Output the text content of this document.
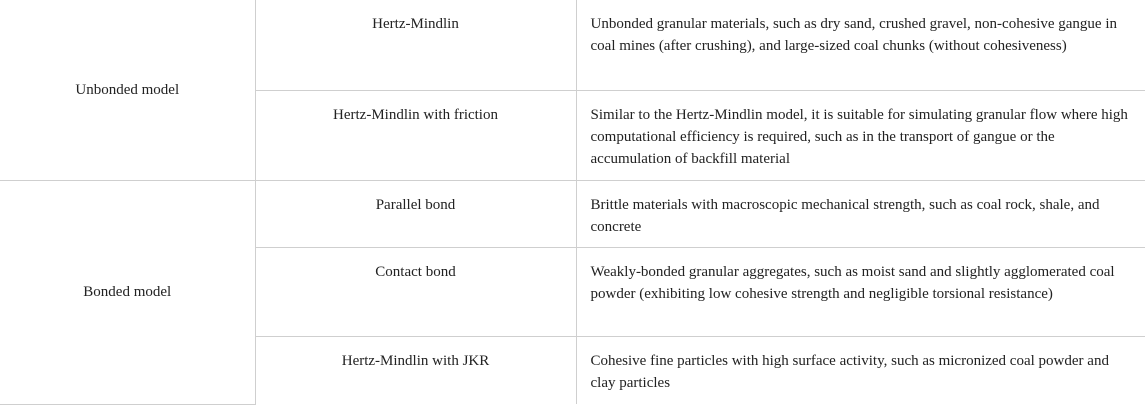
Unbonded model	Hertz-Mindlin	Unbonded granular materials, such as dry sand, crushed gravel, non-cohesive gangue in coal mines (after crushing), and large-sized coal chunks (without cohesiveness)
	Hertz-Mindlin with friction	Similar to the Hertz-Mindlin model, it is suitable for simulating granular flow where high computational efficiency is required, such as in the transport of gangue or the accumulation of backfill material
Bonded model	Parallel bond	Brittle materials with macroscopic mechanical strength, such as coal rock, shale, and concrete
	Contact bond	Weakly-bonded granular aggregates, such as moist sand and slightly agglomerated coal powder (exhibiting low cohesive strength and negligible torsional resistance)
	Hertz-Mindlin with JKR	Cohesive fine particles with high surface activity, such as micronized coal powder and clay particles
